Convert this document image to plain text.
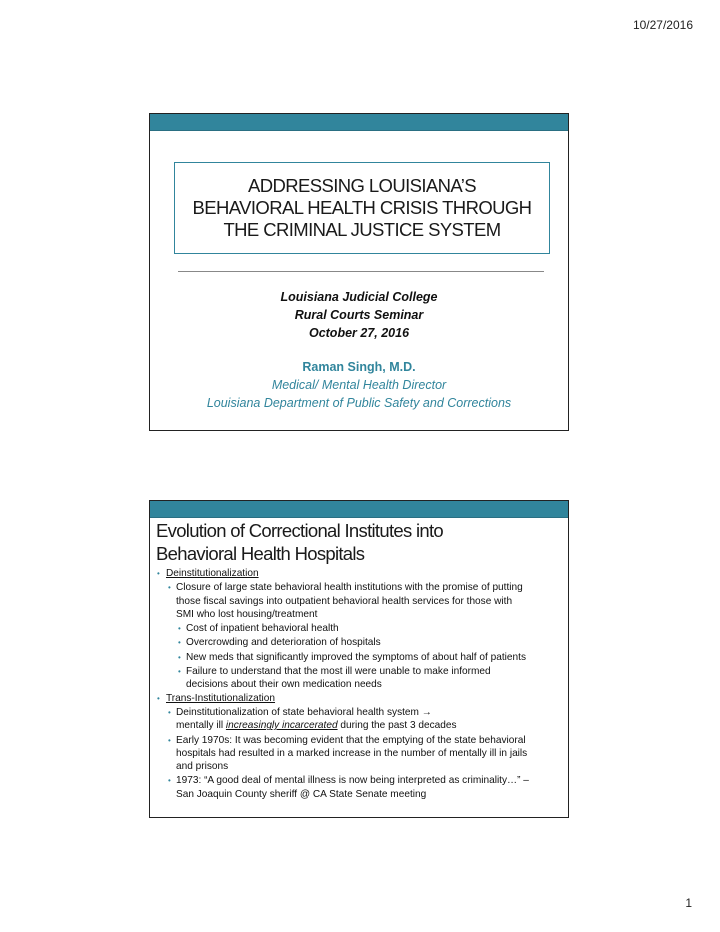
10/27/2016
ADDRESSING LOUISIANA’S
BEHAVIORAL HEALTH CRISIS THROUGH
THE CRIMINAL JUSTICE SYSTEM
Louisiana Judicial College
Rural Courts Seminar
October 27, 2016
Raman Singh, M.D.
Medical/ Mental Health Director
Louisiana Department of Public Safety and Corrections
Evolution of Correctional Institutes into
Behavioral Health Hospitals
• Deinstitutionalization
• Closure of large state behavioral health institutions with the promise of putting
those fiscal savings into outpatient behavioral health services for those with
SMI who lost housing/treatment
• Cost of inpatient behavioral health
• Overcrowding and deterioration of hospitals
• New meds that significantly improved the symptoms of about half of patients
• Failure to understand that the most ill were unable to make informed
decisions about their own medication needs
• Trans-Institutionalization
• Deinstitutionalization of state behavioral health system →
mentally ill increasingly incarcerated during the past 3 decades
• Early 1970s: It was becoming evident that the emptying of the state behavioral
hospitals had resulted in a marked increase in the number of mentally ill in jails
and prisons
• 1973: “A good deal of mental illness is now being interpreted as criminality…” –
San Joaquin County sheriff @ CA State Senate meeting
1
